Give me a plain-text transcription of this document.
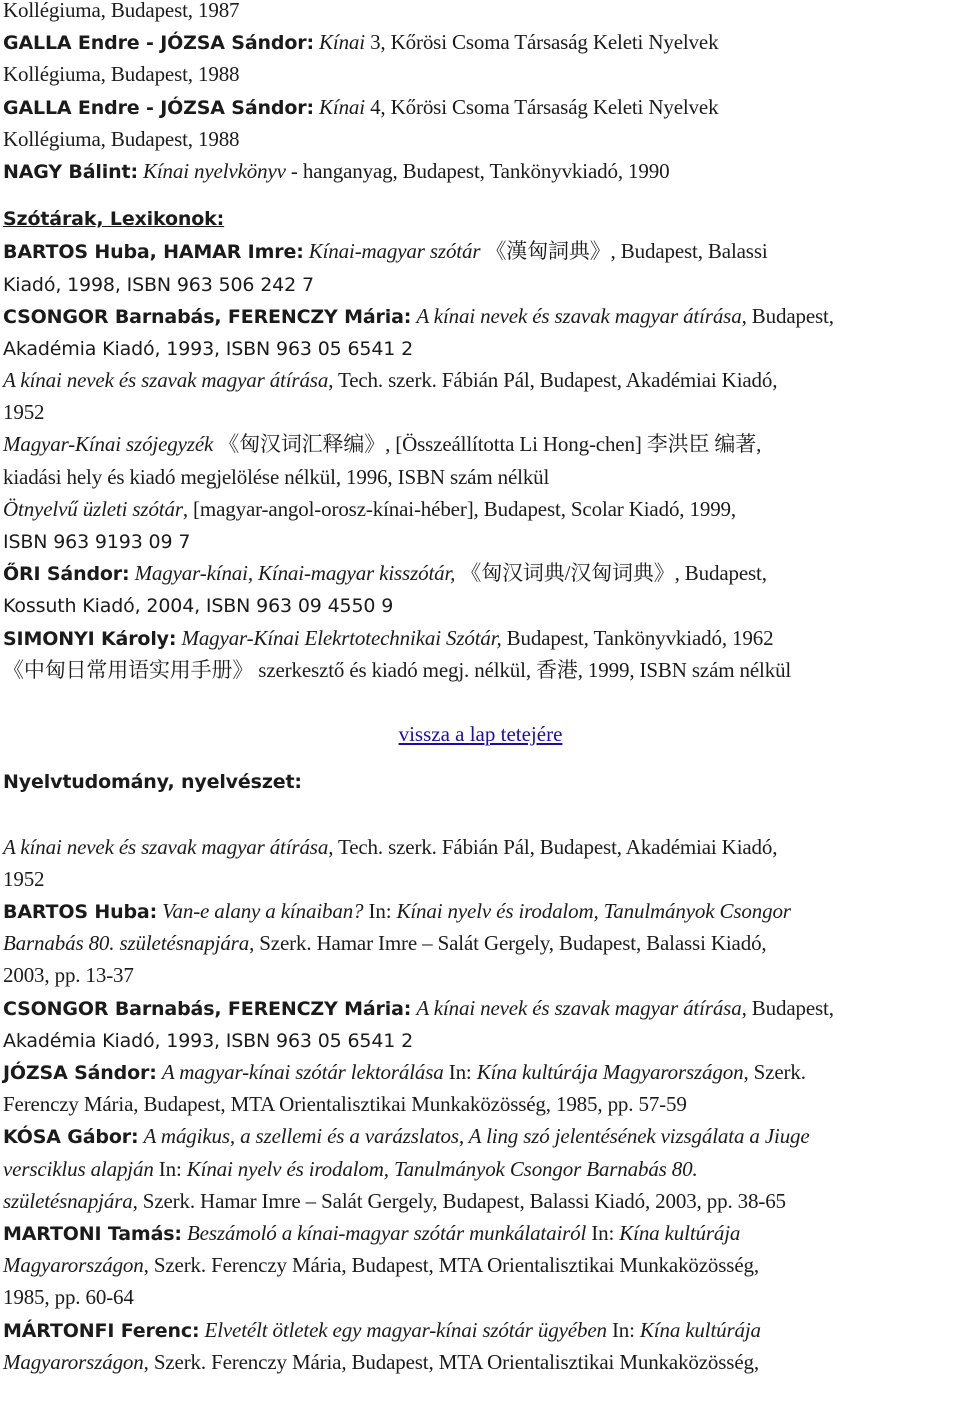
Kollégiuma, Budapest, 1987
GALLA Endre - JÓZSA Sándor: Kínai 3, Kőrösi Csoma Társaság Keleti Nyelvek
Kollégiuma, Budapest, 1988
GALLA Endre - JÓZSA Sándor: Kínai 4, Kőrösi Csoma Társaság Keleti Nyelvek
Kollégiuma, Budapest, 1988
NAGY Bálint: Kínai nyelvkönyv - hanganyag, Budapest, Tankönyvkiadó, 1990
Szótárak, Lexikonok:
BARTOS Huba, HAMAR Imre: Kínai-magyar szótár 《漢匈詞典》, Budapest, Balassi
Kiadó, 1998, ISBN 963 506 242 7
CSONGOR Barnabás, FERENCZY Mária: A kínai nevek és szavak magyar átírása, Budapest,
Akadémia Kiadó, 1993, ISBN 963 05 6541 2
A kínai nevek és szavak magyar átírása, Tech. szerk. Fábián Pál, Budapest, Akadémiai Kiadó,
1952
Magyar-Kínai szójegyzék 《匈汉词汇释编》, [Összeállította Li Hong-chen] 李洪臣 编著,
kiadási hely és kiadó megjelölése nélkül, 1996, ISBN szám nélkül
Ötnyelvű üzleti szótár, [magyar-angol-orosz-kínai-héber], Budapest, Scolar Kiadó, 1999,
ISBN 963 9193 09 7
ŐRI Sándor: Magyar-kínai, Kínai-magyar kisszótár, 《匈汉词典/汉匈词典》, Budapest,
Kossuth Kiadó, 2004, ISBN 963 09 4550 9
SIMONYI Károly: Magyar-Kínai Elekrtotechnikai Szótár, Budapest, Tankönyvkiadó, 1962
《中匈日常用语实用手册》 szerkesztő és kiadó megj. nélkül, 香港, 1999, ISBN szám nélkül
vissza a lap tetejére
Nyelvtudomány, nyelvészet:
A kínai nevek és szavak magyar átírása, Tech. szerk. Fábián Pál, Budapest, Akadémiai Kiadó,
1952
BARTOS Huba: Van-e alany a kínaiban? In: Kínai nyelv és irodalom, Tanulmányok Csongor
Barnabás 80. születésnapjára, Szerk. Hamar Imre – Salát Gergely, Budapest, Balassi Kiadó,
2003, pp. 13-37
CSONGOR Barnabás, FERENCZY Mária: A kínai nevek és szavak magyar átírása, Budapest,
Akadémia Kiadó, 1993, ISBN 963 05 6541 2
JÓZSA Sándor: A magyar-kínai szótár lektorálása In: Kína kultúrája Magyarországon, Szerk.
Ferenczy Mária, Budapest, MTA Orientalisztikai Munkaközösség, 1985, pp. 57-59
KÓSA Gábor: A mágikus, a szellemi és a varázslatos, A ling szó jelentésének vizsgálata a Jiuge
versciklus alapján In: Kínai nyelv és irodalom, Tanulmányok Csongor Barnabás 80.
születésnapjára, Szerk. Hamar Imre – Salát Gergely, Budapest, Balassi Kiadó, 2003, pp. 38-65
MARTONI Tamás: Beszámoló a kínai-magyar szótár munkálatairól In: Kína kultúrája
Magyarországon, Szerk. Ferenczy Mária, Budapest, MTA Orientalisztikai Munkaközösség,
1985, pp. 60-64
MÁRTONFI Ferenc: Elvetélt ötletek egy magyar-kínai szótár ügyében In: Kína kultúrája
Magyarországon, Szerk. Ferenczy Mária, Budapest, MTA Orientalisztikai Munkaközösség,
